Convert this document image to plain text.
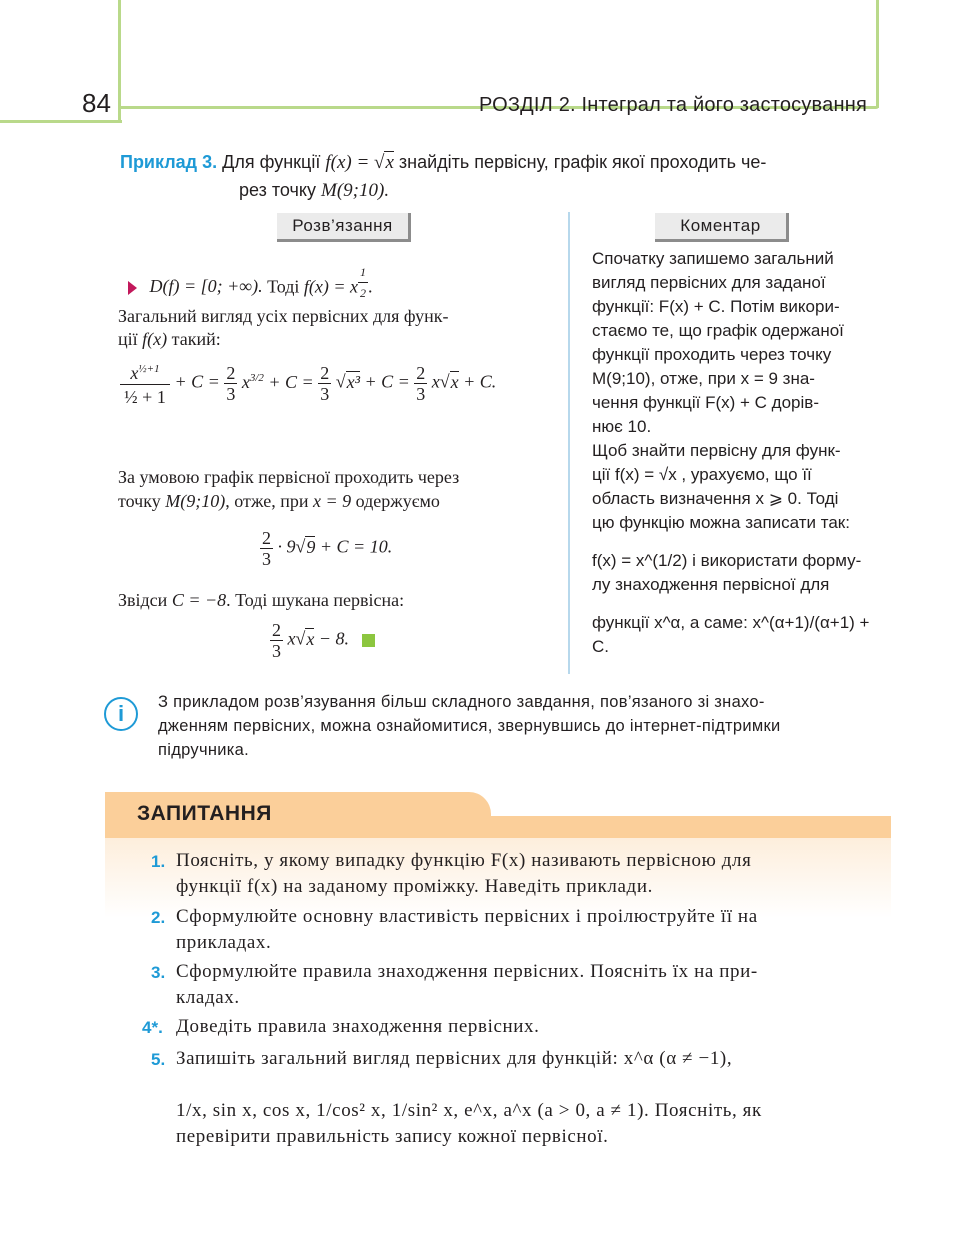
84	РОЗДІЛ 2. Інтеграл та його застосування
Приклад 3. Для функції f(x) = √x знайдіть первісну, графік якої проходить че-
рез точку M(9;10).
Розв’язання	Коментар
D(f) = [0; +∞). Тоді f(x) = x $^{\frac{1}{2}}$ .
Загальний вигляд усіх первісних для функ-
ції f(x) такий:
$\frac{x^{\frac{1}{2}+1}}{\text{½ + 1}} + C = \frac{2}{3} x^{3/2} + C = \frac{2}{3} √x^3 + C = \frac{2}{3} x√x + C$.
За умовою графік первісної проходить через
точку M(9;10), отже, при x = 9 одержуємо
$\frac{2}{3} \cdot 9√9 + C = 10$.
Звідси C = −8. Тоді шукана первісна:
$\frac{2}{3} x√x - 8$.
Спочатку запишемо загальний
вигляд первісних для заданої
функції: F(x) + C. Потім викори-
стаємо те, що графік одержаної
функції проходить через точку
M(9;10), отже, при x = 9 зна-
чення функції F(x) + C дорів-
нює 10.
Щоб знайти первісну для функ-
ції f(x) = √x , урахуємо, що її
область визначення x ⩾ 0. Тоді
цю функцію можна записати так:
f(x) = x^(1/2) і використати форму-
лу знаходження первісної для
функції x^α, а саме: x^(α+1)/(α+1) + C.
i	З прикладом розв’язування більш складного завдання, пов’язаного зі знахо-
дженням первісних, можна ознайомитися, звернувшись до інтернет-підтримки
підручника.
ЗАПИТАННЯ
1. Поясніть, у якому випадку функцію F(x) називають первісною для
функції f(x) на заданому проміжку. Наведіть приклади.
2. Сформулюйте основну властивість первісних і проілюструйте її на
прикладах.
3. Сформулюйте правила знаходження первісних. Поясніть їх на при-
кладах.
4*. Доведіть правила знаходження первісних.
5. Запишіть загальний вигляд первісних для функцій: x^α (α ≠ −1),
1/x, sin x, cos x, 1/cos² x, 1/sin² x, e^x, a^x (a > 0, a ≠ 1). Поясніть, як
перевірити правильність запису кожної первісної.
